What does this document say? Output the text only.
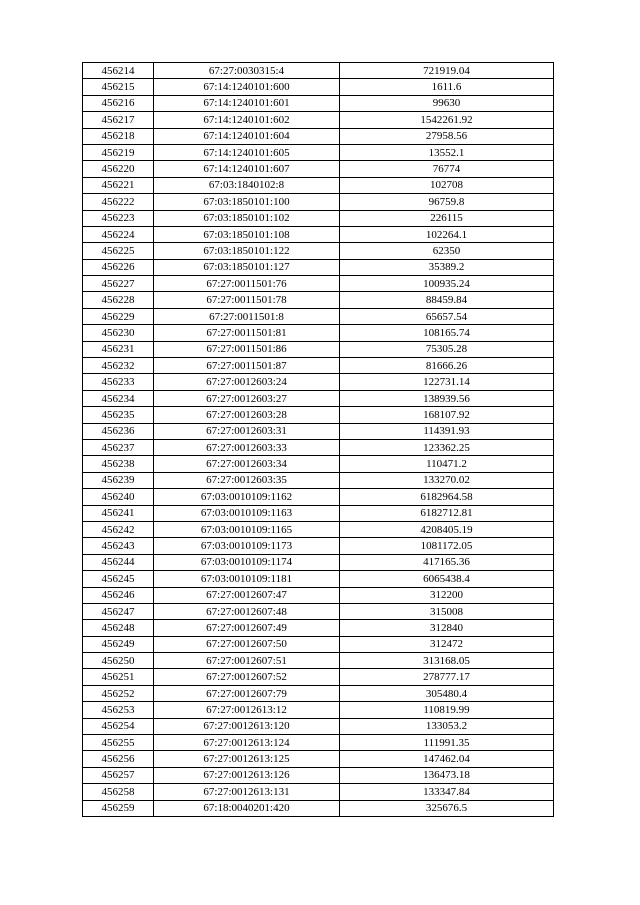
456214	67:27:0030315:4	721919.04
456215	67:14:1240101:600	1611.6
456216	67:14:1240101:601	99630
456217	67:14:1240101:602	1542261.92
456218	67:14:1240101:604	27958.56
456219	67:14:1240101:605	13552.1
456220	67:14:1240101:607	76774
456221	67:03:1840102:8	102708
456222	67:03:1850101:100	96759.8
456223	67:03:1850101:102	226115
456224	67:03:1850101:108	102264.1
456225	67:03:1850101:122	62350
456226	67:03:1850101:127	35389.2
456227	67:27:0011501:76	100935.24
456228	67:27:0011501:78	88459.84
456229	67:27:0011501:8	65657.54
456230	67:27:0011501:81	108165.74
456231	67:27:0011501:86	75305.28
456232	67:27:0011501:87	81666.26
456233	67:27:0012603:24	122731.14
456234	67:27:0012603:27	138939.56
456235	67:27:0012603:28	168107.92
456236	67:27:0012603:31	114391.93
456237	67:27:0012603:33	123362.25
456238	67:27:0012603:34	110471.2
456239	67:27:0012603:35	133270.02
456240	67:03:0010109:1162	6182964.58
456241	67:03:0010109:1163	6182712.81
456242	67:03:0010109:1165	4208405.19
456243	67:03:0010109:1173	1081172.05
456244	67:03:0010109:1174	417165.36
456245	67:03:0010109:1181	6065438.4
456246	67:27:0012607:47	312200
456247	67:27:0012607:48	315008
456248	67:27:0012607:49	312840
456249	67:27:0012607:50	312472
456250	67:27:0012607:51	313168.05
456251	67:27:0012607:52	278777.17
456252	67:27:0012607:79	305480.4
456253	67:27:0012613:12	110819.99
456254	67:27:0012613:120	133053.2
456255	67:27:0012613:124	111991.35
456256	67:27:0012613:125	147462.04
456257	67:27:0012613:126	136473.18
456258	67:27:0012613:131	133347.84
456259	67:18:0040201:420	325676.5
